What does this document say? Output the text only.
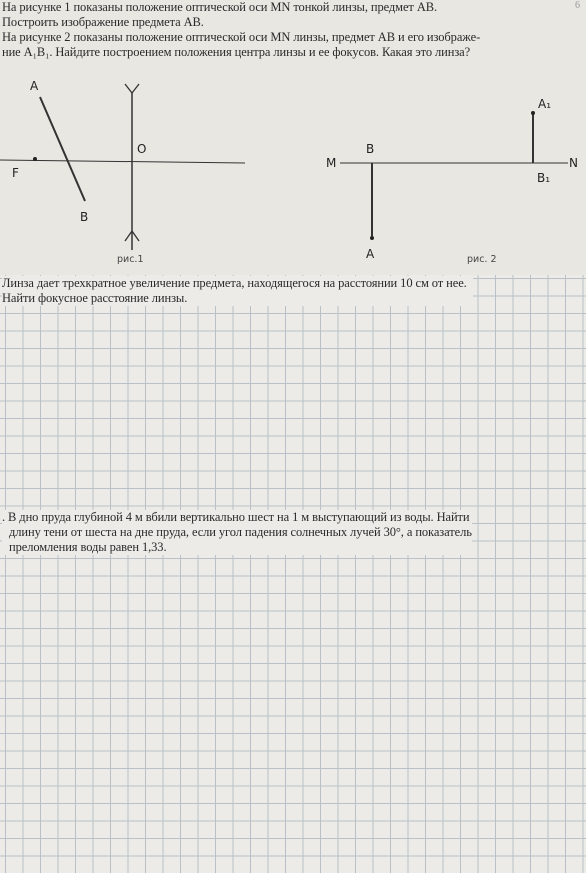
6
На рисунке 1 показаны положение оптической оси MN тонкой линзы, предмет AB.
Построить изображение предмета AB.
На рисунке 2 показаны положение оптической оси MN линзы, предмет AB и его изображе-
ние A₁B₁. Найдите построением положения центра линзы и ее фокусов. Какая это линза?
A
B
O
F
рис.1
M	N
B
A
A₁
B₁
рис. 2
Линза дает трехкратное увеличение предмета, находящегося на расстоянии 10 см от нее.
Найти фокусное расстояние линзы.
. В дно пруда глубиной 4 м вбили вертикально шест на 1 м выступающий из воды. Найти
длину тени от шеста на дне пруда, если угол падения солнечных лучей 30°, а показатель
преломления воды равен 1,33.
